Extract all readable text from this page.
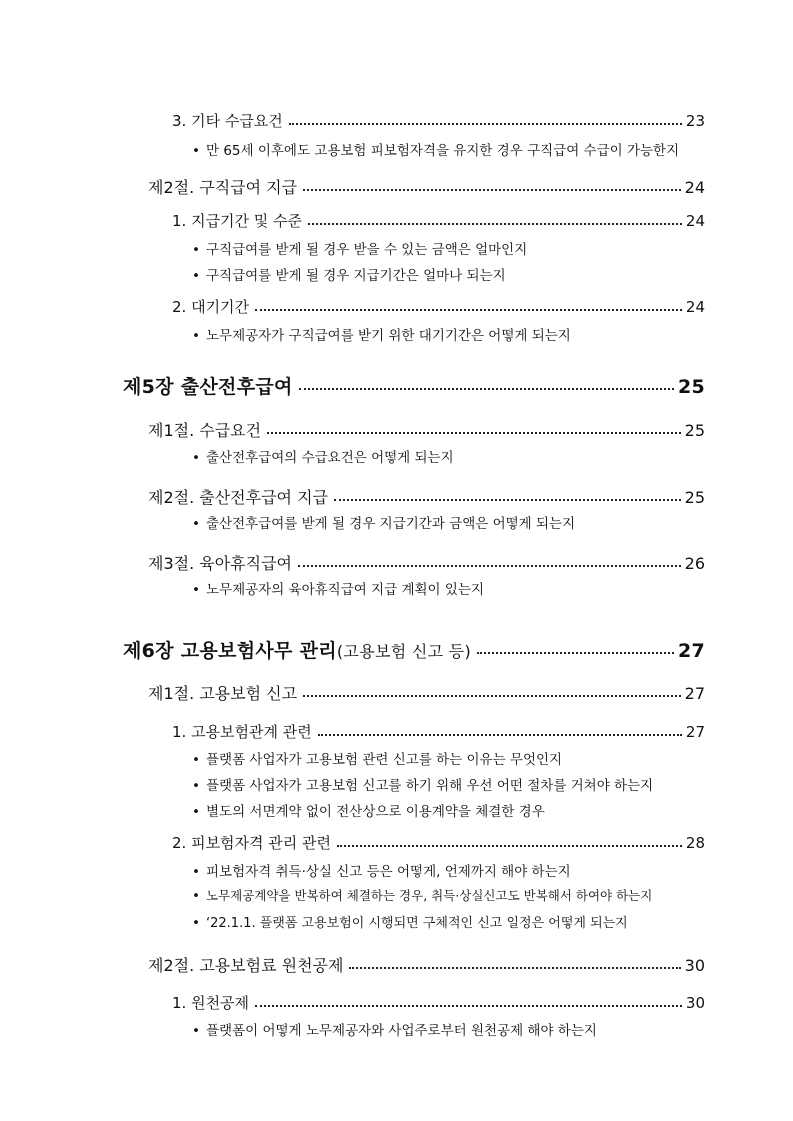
3. 기타 수급요건	23
• 만 65세 이후에도 고용보험 피보험자격을 유지한 경우 구직급여 수급이 가능한지
제2절. 구직급여 지급	24
1. 지급기간 및 수준	24
• 구직급여를 받게 될 경우 받을 수 있는 금액은 얼마인지
• 구직급여를 받게 될 경우 지급기간은 얼마나 되는지
2. 대기기간	24
• 노무제공자가 구직급여를 받기 위한 대기기간은 어떻게 되는지
제5장 출산전후급여	25
제1절. 수급요건	25
• 출산전후급여의 수급요건은 어떻게 되는지
제2절. 출산전후급여 지급	25
• 출산전후급여를 받게 될 경우 지급기간과 금액은 어떻게 되는지
제3절. 육아휴직급여	26
• 노무제공자의 육아휴직급여 지급 계획이 있는지
제6장 고용보험사무 관리 (고용보험 신고 등)	27
제1절. 고용보험 신고	27
1. 고용보험관계 관련	27
• 플랫폼 사업자가 고용보험 관련 신고를 하는 이유는 무엇인지
• 플랫폼 사업자가 고용보험 신고를 하기 위해 우선 어떤 절차를 거쳐야 하는지
• 별도의 서면계약 없이 전산상으로 이용계약을 체결한 경우
2. 피보험자격 관리 관련	28
• 피보험자격 취득·상실 신고 등은 어떻게, 언제까지 해야 하는지
• 노무제공계약을 반복하여 체결하는 경우, 취득·상실신고도 반복해서 하여야 하는지
• ‘22.1.1. 플랫폼 고용보험이 시행되면 구체적인 신고 일정은 어떻게 되는지
제2절. 고용보험료 원천공제	30
1. 원천공제	30
• 플랫폼이 어떻게 노무제공자와 사업주로부터 원천공제 해야 하는지
